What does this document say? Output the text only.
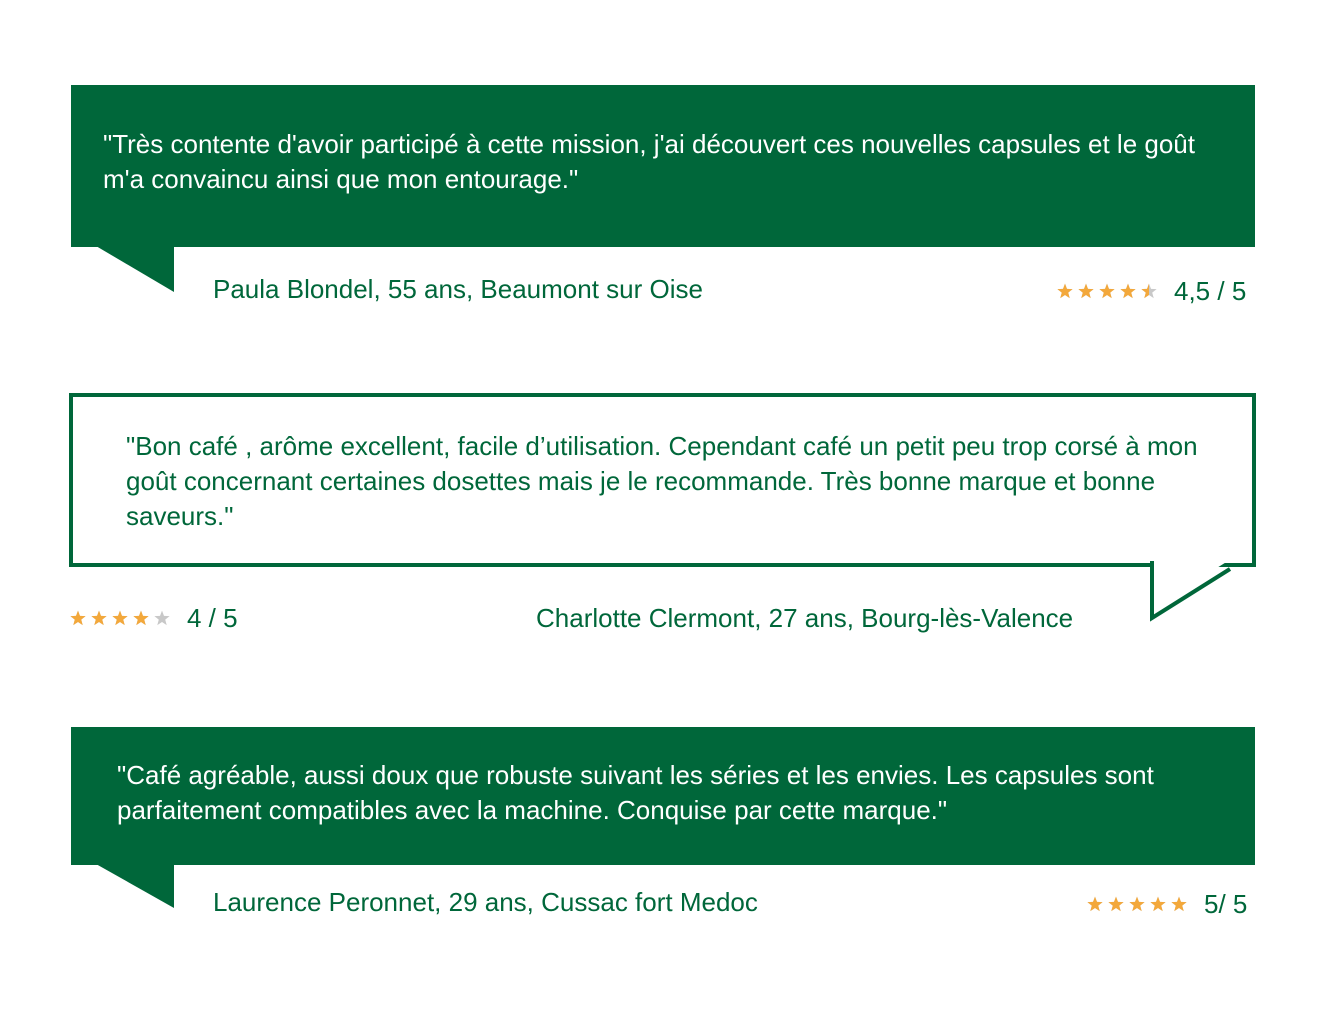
"Très contente d'avoir participé à cette mission, j'ai découvert ces nouvelles capsules et le goût m'a convaincu ainsi que mon entourage."
Paula Blondel, 55 ans, Beaumont sur Oise	4,5 / 5
"Bon café , arôme excellent, facile d’utilisation. Cependant café un petit peu trop corsé à mon goût concernant certaines dosettes mais je le recommande. Très bonne marque et bonne saveurs."
4 / 5	Charlotte Clermont, 27 ans, Bourg-lès-Valence
"Café agréable, aussi doux que robuste suivant les séries et les envies. Les capsules sont parfaitement compatibles avec la machine. Conquise par cette marque."
Laurence Peronnet, 29 ans, Cussac fort Medoc	5/ 5
